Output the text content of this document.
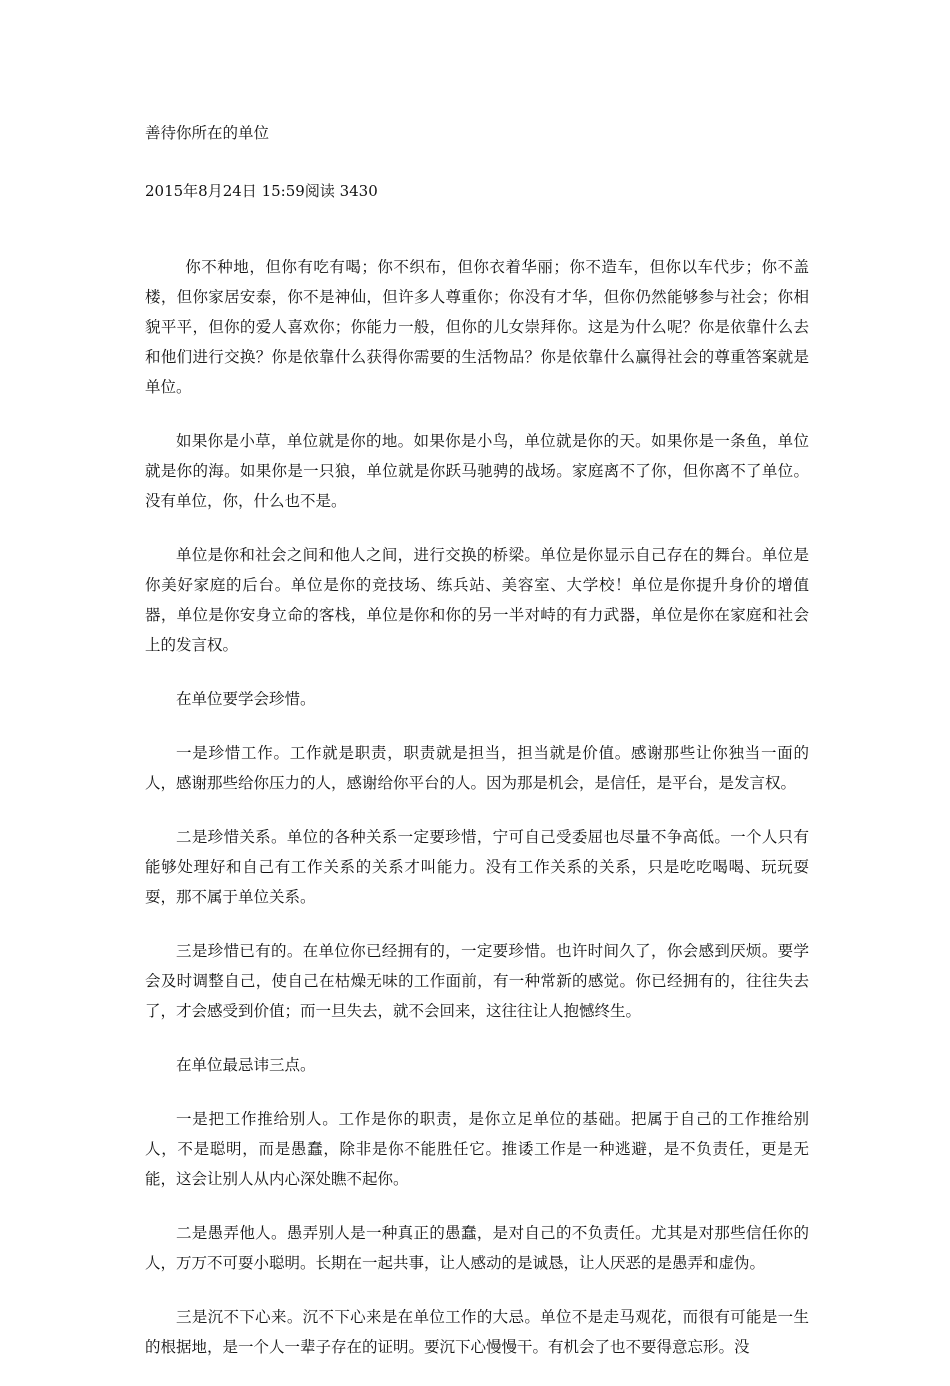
善待你所在的单位
2015年8月24日 15:59阅读 3430

你不种地，但你有吃有喝；你不织布，但你衣着华丽；你不造车，但你以车代步；你不盖楼，但你家居安泰，你不是神仙，但许多人尊重你；你没有才华，但你仍然能够参与社会；你相貌平平，但你的爱人喜欢你；你能力一般，但你的儿女崇拜你。这是为什么呢？你是依靠什么去和他们进行交换？你是依靠什么获得你需要的生活物品？你是依靠什么赢得社会的尊重答案就是单位。

如果你是小草，单位就是你的地。如果你是小鸟，单位就是你的天。如果你是一条鱼，单位就是你的海。如果你是一只狼，单位就是你跃马驰骋的战场。家庭离不了你，但你离不了单位。没有单位，你，什么也不是。

单位是你和社会之间和他人之间，进行交换的桥梁。单位是你显示自己存在的舞台。单位是你美好家庭的后台。单位是你的竞技场、练兵站、美容室、大学校！单位是你提升身价的增值器，单位是你安身立命的客栈，单位是你和你的另一半对峙的有力武器，单位是你在家庭和社会上的发言权。

在单位要学会珍惜。

一是珍惜工作。工作就是职责，职责就是担当，担当就是价值。感谢那些让你独当一面的人，感谢那些给你压力的人，感谢给你平台的人。因为那是机会，是信任，是平台，是发言权。

二是珍惜关系。单位的各种关系一定要珍惜，宁可自己受委屈也尽量不争高低。一个人只有能够处理好和自己有工作关系的关系才叫能力。没有工作关系的关系，只是吃吃喝喝、玩玩耍耍，那不属于单位关系。

三是珍惜已有的。在单位你已经拥有的，一定要珍惜。也许时间久了，你会感到厌烦。要学会及时调整自己，使自己在枯燥无味的工作面前，有一种常新的感觉。你已经拥有的，往往失去了，才会感受到价值；而一旦失去，就不会回来，这往往让人抱憾终生。

在单位最忌讳三点。

一是把工作推给别人。工作是你的职责，是你立足单位的基础。把属于自己的工作推给别人，不是聪明，而是愚蠢，除非是你不能胜任它。推诿工作是一种逃避，是不负责任，更是无能，这会让别人从内心深处瞧不起你。

二是愚弄他人。愚弄别人是一种真正的愚蠢，是对自己的不负责任。尤其是对那些信任你的人，万万不可耍小聪明。长期在一起共事，让人感动的是诚恳，让人厌恶的是愚弄和虚伪。

三是沉不下心来。沉不下心来是在单位工作的大忌。单位不是走马观花，而很有可能是一生的根据地，是一个人一辈子存在的证明。要沉下心慢慢干。有机会了也不要得意忘形。没
